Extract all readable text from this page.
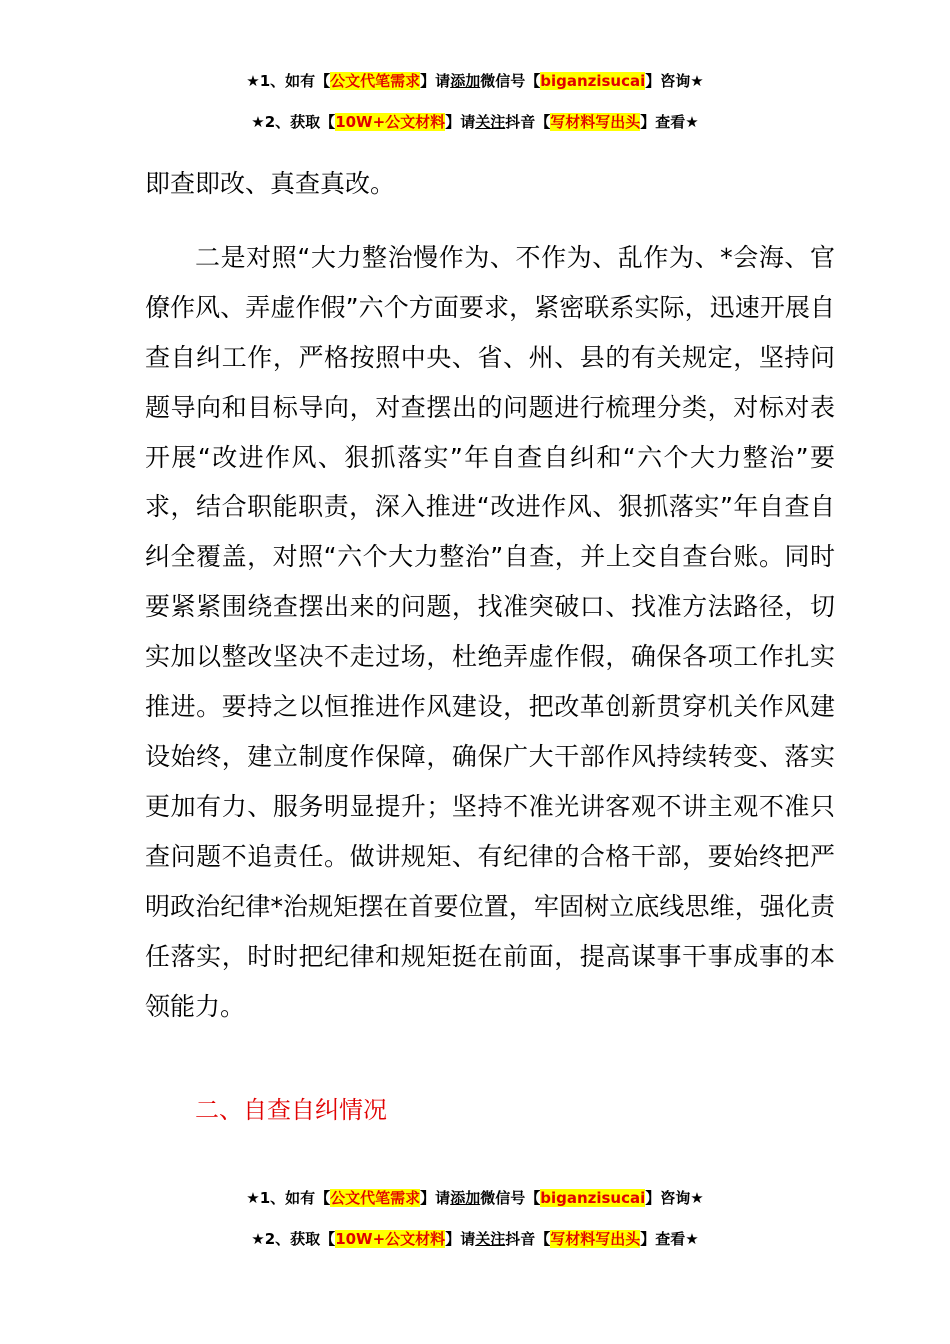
★1、如有【公文代笔需求】请添加微信号【biganzisucai】咨询★
★2、获取【10W+公文材料】请关注抖音【写材料写出头】查看★

即查即改、真查真改。

二是对照“大力整治慢作为、不作为、乱作为、*会海、官僚作风、弄虚作假”六个方面要求，紧密联系实际，迅速开展自查自纠工作，严格按照中央、省、州、县的有关规定，坚持问题导向和目标导向，对查摆出的问题进行梳理分类，对标对表开展“改进作风、狠抓落实”年自查自纠和“六个大力整治”要求，结合职能职责，深入推进“改进作风、狠抓落实”年自查自纠全覆盖，对照“六个大力整治”自查，并上交自查台账。同时要紧紧围绕查摆出来的问题，找准突破口、找准方法路径，切实加以整改坚决不走过场，杜绝弄虚作假，确保各项工作扎实推进。要持之以恒推进作风建设，把改革创新贯穿机关作风建设始终，建立制度作保障，确保广大干部作风持续转变、落实更加有力、服务明显提升；坚持不准光讲客观不讲主观不准只查问题不追责任。做讲规矩、有纪律的合格干部，要始终把严明政治纪律*治规矩摆在首要位置，牢固树立底线思维，强化责任落实，时时把纪律和规矩挺在前面，提高谋事干事成事的本领能力。

二、自查自纠情况
★1、如有【公文代笔需求】请添加微信号【biganzisucai】咨询★
★2、获取【10W+公文材料】请关注抖音【写材料写出头】查看★
